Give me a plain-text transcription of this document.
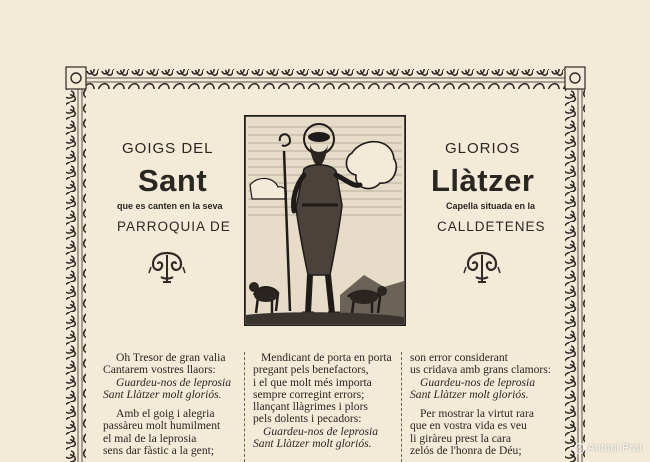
GOIGS DEL
Sant
que es canten en la seva
PARROQUIA DE
GLORIOS
Llàtzer
Capella situada en la
CALLDETENES
Oh Tresor de gran valia
Cantarem vostres llaors:
Guardeu-nos de leprosia
Sant Llàtzer molt gloriós.
Amb el goig i alegria
passàreu molt humilment
el mal de la leprosia
sens dar fàstic a la gent;
Mendicant de porta en porta
pregant pels benefactors,
i el que molt més importa
sempre corregint errors;
llançant llàgrimes i plors
pels dolents i pecadors:
Guardeu-nos de leprosia
Sant Llàtzer molt gloriós.
son error considerant
us cridava amb grans clamors:
Guardeu-nos de leprosia
Sant Llàtzer molt gloriós.
Per mostrar la virtut rara
que en vostra vida es veu
li giràreu prest la cara
zelós de l'honra de Déu;	© Antoni Prat
